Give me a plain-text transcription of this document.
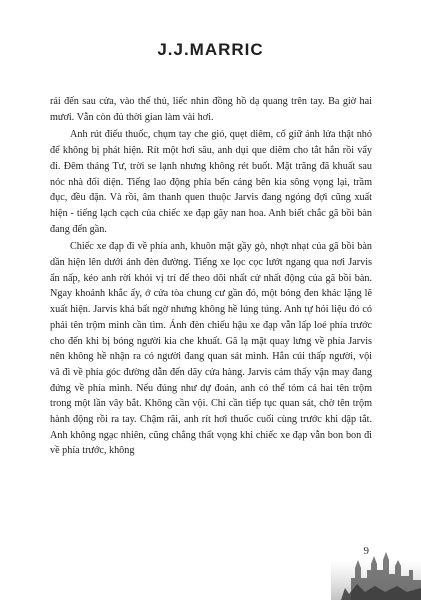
J.J.MARRIC

rải đến sau cửa, vào thế thủ, liếc nhìn đồng hồ dạ quang trên tay. Ba giờ hai mươi. Vẫn còn đủ thời gian làm vài hơi.

Anh rút điếu thuốc, chụm tay che gió, quẹt diêm, cố giữ ánh lửa thật nhỏ để không bị phát hiện. Rít một hơi sâu, anh dụi que diêm cho tắt hẳn rồi vẩy đi. Đêm tháng Tư, trời se lạnh nhưng không rét buốt. Mặt trăng đã khuất sau nóc nhà đối diện. Tiếng lao động phía bến cảng bên kia sông vọng lại, trầm đục, đều đặn. Và rồi, âm thanh quen thuộc Jarvis đang ngóng đợi cũng xuất hiện - tiếng lạch cạch của chiếc xe đạp gãy nan hoa. Anh biết chắc gã bồi bàn đang đến gần.

Chiếc xe đạp đi về phía anh, khuôn mặt gầy gò, nhợt nhạt của gã bồi bàn dần hiện lên dưới ánh đèn đường. Tiếng xe lọc cọc lướt ngang qua nơi Jarvis ẩn nấp, kéo anh rời khỏi vị trí để theo dõi nhất cử nhất động của gã bồi bàn. Ngay khoảnh khắc ấy, ở cửa tòa chung cư gần đó, một bóng đen khác lặng lẽ xuất hiện. Jarvis khá bất ngờ nhưng không hề lúng túng. Anh tự hỏi liệu đó có phải tên trộm mình cần tìm. Ánh đèn chiếu hậu xe đạp vẫn lấp loé phía trước cho đến khi bị bóng người kia che khuất. Gã lạ mặt quay lưng về phía Jarvis nên không hề nhận ra có người đang quan sát mình. Hắn cúi thấp người, vội vã đi về phía góc đường dẫn đến dãy cửa hàng. Jarvis cảm thấy vận may đang đứng về phía mình. Nếu đúng như dự đoán, anh có thể tóm cả hai tên trộm trong một lần vây bắt. Không cần vội. Chỉ cần tiếp tục quan sát, chờ tên trộm hành động rồi ra tay. Chậm rãi, anh rít hơi thuốc cuối cùng trước khi dập tắt. Anh không ngạc nhiên, cũng chẳng thất vọng khi chiếc xe đạp vẫn bon bon đi về phía trước, không

9
